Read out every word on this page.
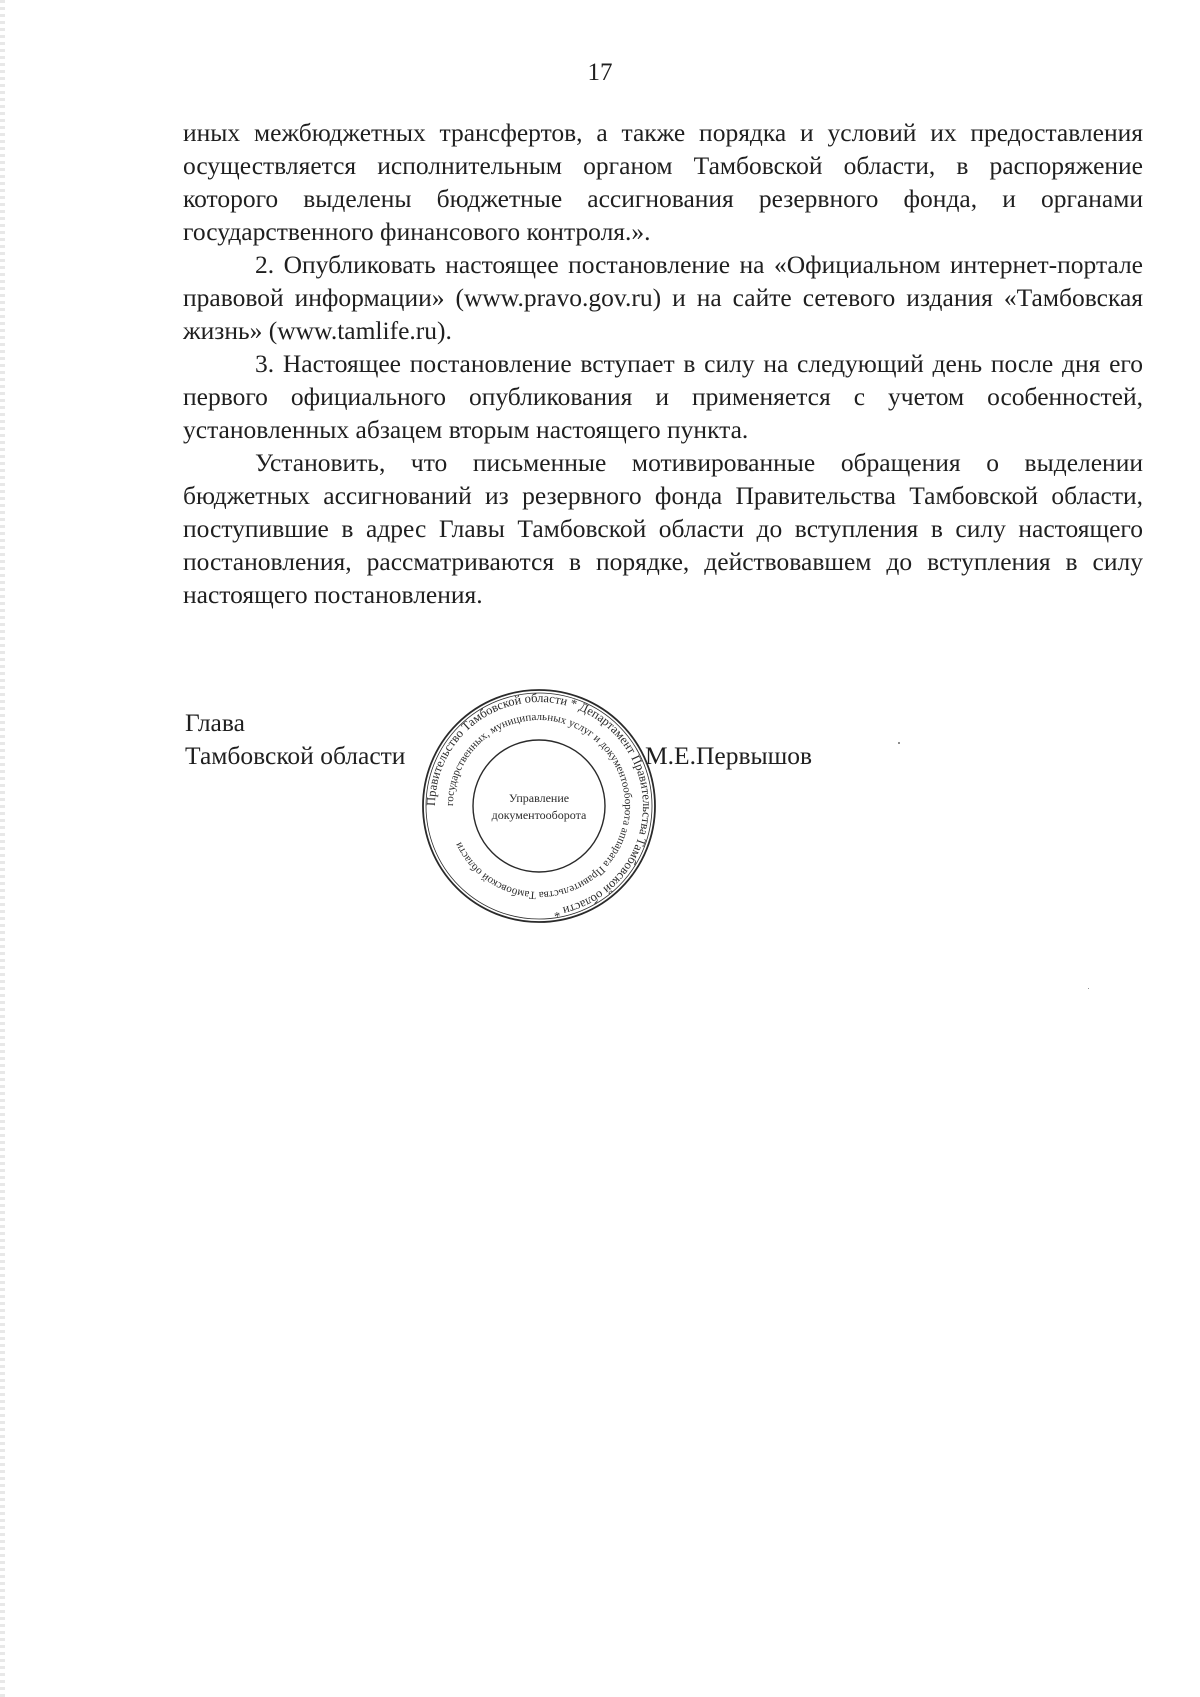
17

иных межбюджетных трансфертов, а также порядка и условий их предоставления осуществляется исполнительным органом Тамбовской области, в распоряжение которого выделены бюджетные ассигнования резервного фонда, и органами государственного финансового контроля.».

2. Опубликовать настоящее постановление на «Официальном интернет-портале правовой информации» (www.pravo.gov.ru) и на сайте сетевого издания «Тамбовская жизнь» (www.tamlife.ru).

3. Настоящее постановление вступает в силу на следующий день после дня его первого официального опубликования и применяется с учетом особенностей, установленных абзацем вторым настоящего пункта.

Установить, что письменные мотивированные обращения о выделении бюджетных ассигнований из резервного фонда Правительства Тамбовской области, поступившие в адрес Главы Тамбовской области до вступления в силу настоящего постановления, рассматриваются в порядке, действовавшем до вступления в силу настоящего постановления.

Глава
Тамбовской области	М.Е.Первышов
Правительство Тамбовской области * Департамент Правительства Тамбовской области *
государственных, муниципальных услуг и документооборота аппарата Правительства Тамбовской области
Управление
документооборота
